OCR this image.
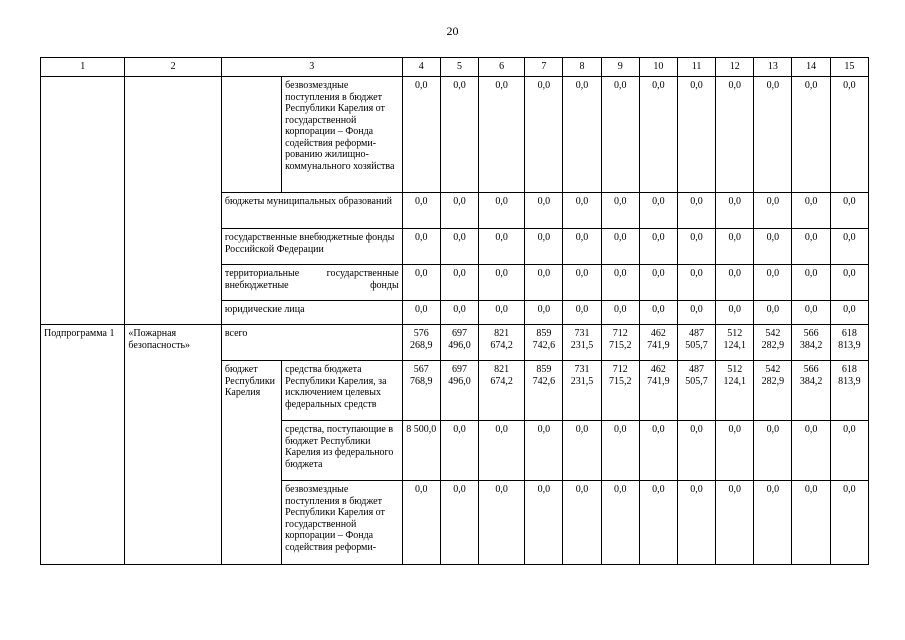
20
1	2	3		4	5	6	7	8	9	10	11	12	13	14	15
			безвозмездные поступления в бюджет Республики Карелия от государственной корпорации – Фонда содействия реформи-рованию жилищно-коммунального хозяйства	0,0	0,0	0,0	0,0	0,0	0,0	0,0	0,0	0,0	0,0	0,0	0,0
		бюджеты муниципальных образований		0,0	0,0	0,0	0,0	0,0	0,0	0,0	0,0	0,0	0,0	0,0	0,0
		государственные внебюджетные фонды Российской Федерации		0,0	0,0	0,0	0,0	0,0	0,0	0,0	0,0	0,0	0,0	0,0	0,0
		территориальные государственные внебюджетные фонды		0,0	0,0	0,0	0,0	0,0	0,0	0,0	0,0	0,0	0,0	0,0	0,0
		юридические лица		0,0	0,0	0,0	0,0	0,0	0,0	0,0	0,0	0,0	0,0	0,0	0,0
Подпрограмма 1	«Пожарная безопасность»	всего		576 268,9	697 496,0	821 674,2	859 742,6	731 231,5	712 715,2	462 741,9	487 505,7	512 124,1	542 282,9	566 384,2	618 813,9
		бюджет Республики Карелия	средства бюджета Республики Карелия, за исключением целевых федеральных средств	567 768,9	697 496,0	821 674,2	859 742,6	731 231,5	712 715,2	462 741,9	487 505,7	512 124,1	542 282,9	566 384,2	618 813,9
			средства, поступающие в бюджет Республики Карелия из федерального бюджета	8 500,0	0,0	0,0	0,0	0,0	0,0	0,0	0,0	0,0	0,0	0,0	0,0
			безвозмездные поступления в бюджет Республики Карелия от государственной корпорации – Фонда содействия реформи-	0,0	0,0	0,0	0,0	0,0	0,0	0,0	0,0	0,0	0,0	0,0	0,0
